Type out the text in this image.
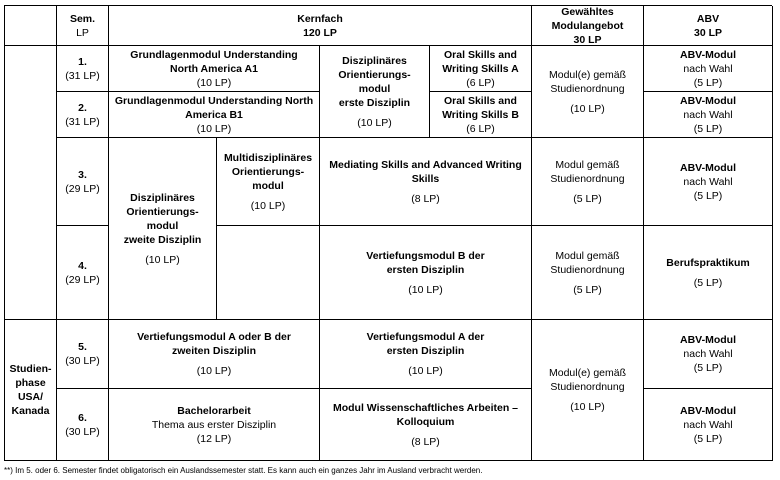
Sem.
LP
Kernfach
120 LP
Gewähltes
Modulangebot
30 LP
ABV
30 LP
Studien-
phase
USA/
Kanada
1.
(31 LP)
2.
(31 LP)
3.
(29 LP)
4.
(29 LP)
5.
(30 LP)
6.
(30 LP)
Grundlagenmodul Understanding
North America A1
(10 LP)
Grundlagenmodul Understanding North
America B1
(10 LP)
Disziplinäres
Orientierungs-
modul
erste Disziplin
(10 LP)
Oral Skills and
Writing Skills A
(6 LP)
Oral Skills and
Writing Skills B
(6 LP)
Modul(e) gemäß
Studienordnung
(10 LP)
ABV-Modul
nach Wahl
(5 LP)
ABV-Modul
nach Wahl
(5 LP)
Disziplinäres
Orientierungs-
modul
zweite Disziplin
(10 LP)
Multidisziplinäres
Orientierungs-
modul
(10 LP)
Mediating Skills and Advanced Writing
Skills
(8 LP)
Vertiefungsmodul B der
ersten Disziplin
(10 LP)
Modul gemäß
Studienordnung
(5 LP)
Modul gemäß
Studienordnung
(5 LP)
ABV-Modul
nach Wahl
(5 LP)
Berufspraktikum
(5 LP)
Vertiefungsmodul A oder B der
zweiten Disziplin
(10 LP)
Vertiefungsmodul A der
ersten Disziplin
(10 LP)
Bachelorarbeit
Thema aus erster Disziplin
(12 LP)
Modul Wissenschaftliches Arbeiten –
Kolloquium
(8 LP)
Modul(e) gemäß
Studienordnung
(10 LP)
ABV-Modul
nach Wahl
(5 LP)
ABV-Modul
nach Wahl
(5 LP)
**) Im 5. oder 6. Semester findet obligatorisch ein Auslandssemester statt. Es kann auch ein ganzes Jahr im Ausland verbracht werden.
